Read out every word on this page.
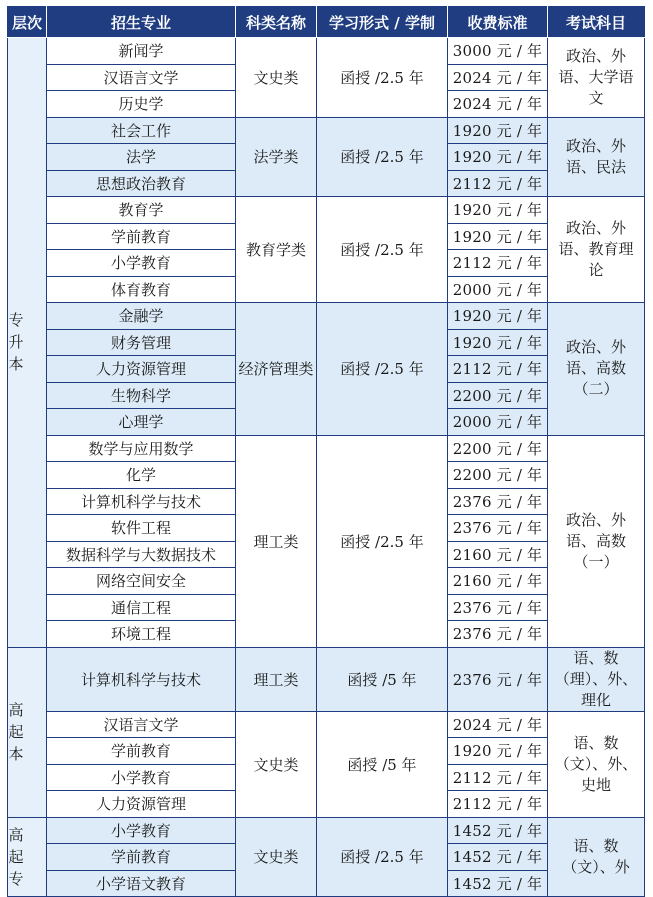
层次	招生专业	科类名称	学习形式 / 学制	收费标准	考试科目

专升本	新闻学	文史类	函授 /2.5 年	3000 元 / 年	政治、外语、大学语文
	汉语言文学			2024 元 / 年	
	历史学			2024 元 / 年	
	社会工作	法学类	函授 /2.5 年	1920 元 / 年	政治、外语、民法
	法学			1920 元 / 年	
	思想政治教育			2112 元 / 年	
	教育学	教育学类	函授 /2.5 年	1920 元 / 年	政治、外语、教育理论
	学前教育			1920 元 / 年	
	小学教育			2112 元 / 年	
	体育教育			2000 元 / 年	
	金融学	经济管理类	函授 /2.5 年	1920 元 / 年	政治、外语、高数（二）
	财务管理			1920 元 / 年	
	人力资源管理			2112 元 / 年	
	生物科学			2200 元 / 年	
	心理学			2000 元 / 年	
	数学与应用数学	理工类	函授 /2.5 年	2200 元 / 年	政治、外语、高数（一）
	化学			2200 元 / 年	
	计算机科学与技术			2376 元 / 年	
	软件工程			2376 元 / 年	
	数据科学与大数据技术			2160 元 / 年	
	网络空间安全			2160 元 / 年	
	通信工程			2376 元 / 年	
	环境工程			2376 元 / 年	

高起本	计算机科学与技术	理工类	函授 /5 年	2376 元 / 年	语、数（理）、外、理化
	汉语言文学	文史类	函授 /5 年	2024 元 / 年	语、数（文）、外、史地
	学前教育			1920 元 / 年	
	小学教育			2112 元 / 年	
	人力资源管理			2112 元 / 年	

高起专	小学教育	文史类	函授 /2.5 年	1452 元 / 年	语、数（文）、外
	学前教育			1452 元 / 年	
	小学语文教育			1452 元 / 年	
